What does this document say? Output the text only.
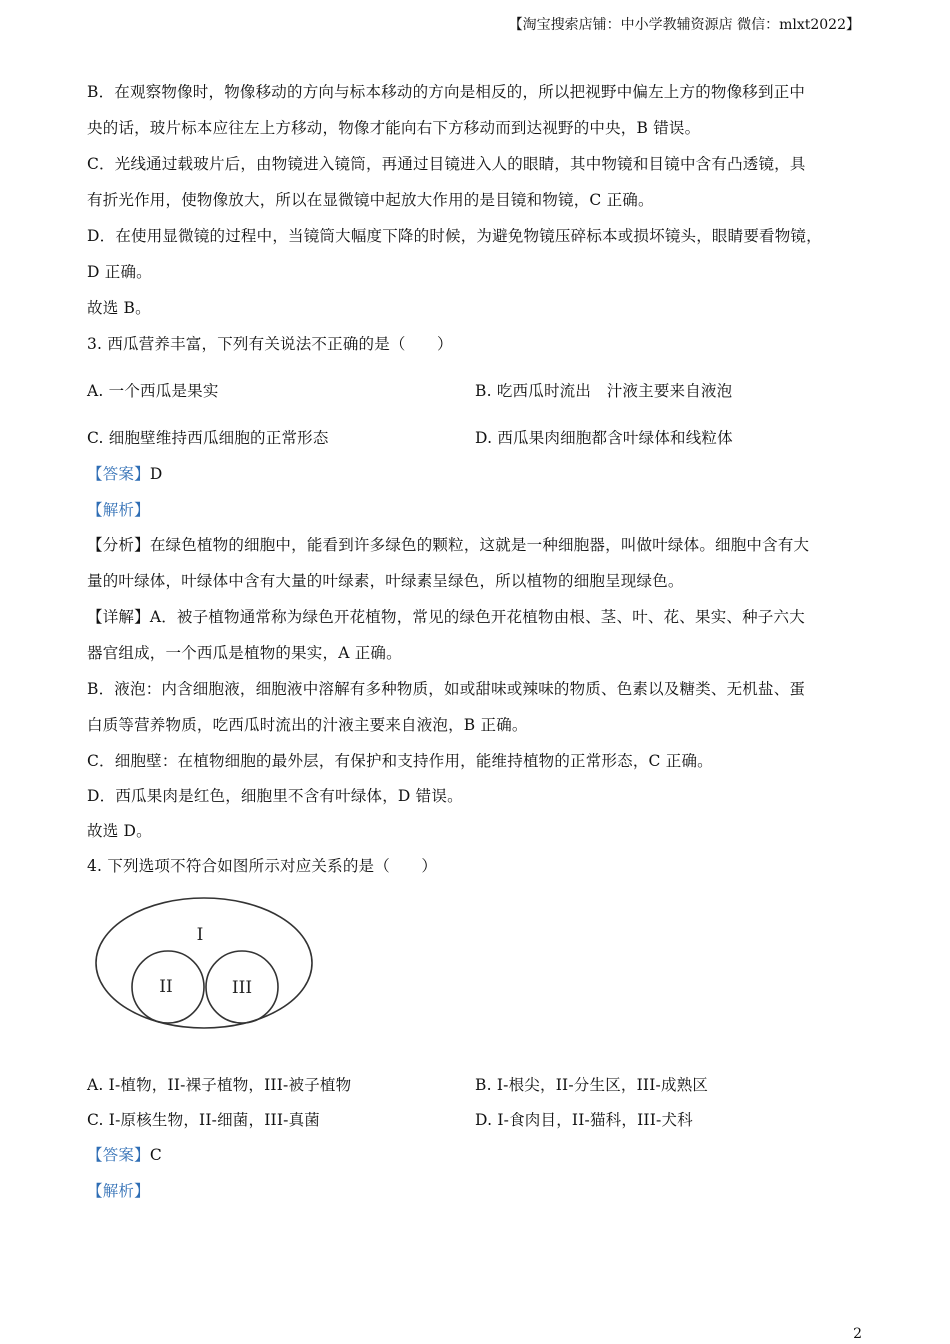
【淘宝搜索店铺：中小学教辅资源店 微信：mlxt2022】
B．在观察物像时，物像移动的方向与标本移动的方向是相反的，所以把视野中偏左上方的物像移到正中
央的话，玻片标本应往左上方移动，物像才能向右下方移动而到达视野的中央，B 错误。
C．光线通过载玻片后，由物镜进入镜筒，再通过目镜进入人的眼睛，其中物镜和目镜中含有凸透镜，具
有折光作用，使物像放大，所以在显微镜中起放大作用的是目镜和物镜，C 正确。
D．在使用显微镜的过程中，当镜筒大幅度下降的时候，为避免物镜压碎标本或损坏镜头，眼睛要看物镜，
D 正确。
故选 B。
3. 西瓜营养丰富，下列有关说法不正确的是（　　）
A. 一个西瓜是果实	B. 吃西瓜时流出　汁液主要来自液泡
C. 细胞壁维持西瓜细胞的正常形态	D. 西瓜果肉细胞都含叶绿体和线粒体
【答案】D
【解析】
【分析】在绿色植物的细胞中，能看到许多绿色的颗粒，这就是一种细胞器，叫做叶绿体。细胞中含有大
量的叶绿体，叶绿体中含有大量的叶绿素，叶绿素呈绿色，所以植物的细胞呈现绿色。
【详解】A．被子植物通常称为绿色开花植物，常见的绿色开花植物由根、茎、叶、花、果实、种子六大
器官组成，一个西瓜是植物的果实，A 正确。
B．液泡：内含细胞液，细胞液中溶解有多种物质，如或甜味或辣味的物质、色素以及糖类、无机盐、蛋
白质等营养物质，吃西瓜时流出的汁液主要来自液泡，B 正确。
C．细胞壁：在植物细胞的最外层，有保护和支持作用，能维持植物的正常形态，C 正确。
D．西瓜果肉是红色，细胞里不含有叶绿体，D 错误。
故选 D。
4. 下列选项不符合如图所示对应关系的是（　　）
I
II	III
A. I-植物，II-裸子植物，III-被子植物	B. I-根尖，II-分生区，III-成熟区
C. I-原核生物，II-细菌，III-真菌	D. I-食肉目，II-猫科，III-犬科
【答案】C
【解析】
2
